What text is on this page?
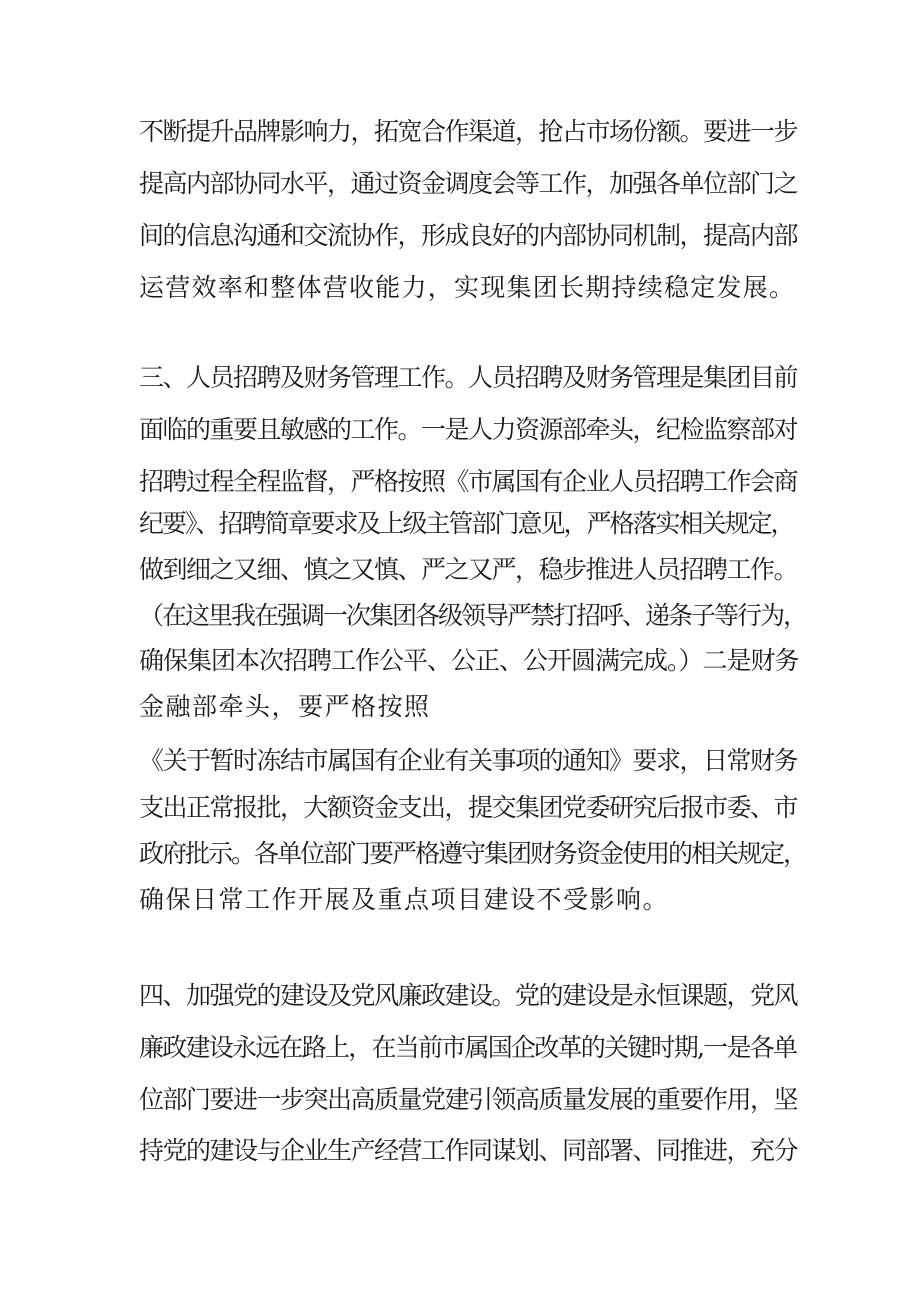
不断提升品牌影响力，拓宽合作渠道，抢占市场份额。要进一步
提高内部协同水平，通过资金调度会等工作，加强各单位部门之
间的信息沟通和交流协作，形成良好的内部协同机制，提高内部
运营效率和整体营收能力，实现集团长期持续稳定发展。
三、人员招聘及财务管理工作。人员招聘及财务管理是集团目前
面临的重要且敏感的工作。一是人力资源部牵头，纪检监察部对
招聘过程全程监督，严格按照《市属国有企业人员招聘工作会商
纪要》、招聘简章要求及上级主管部门意见，严格落实相关规定，
做到细之又细、慎之又慎、严之又严，稳步推进人员招聘工作。
（在这里我在强调一次集团各级领导严禁打招呼、递条子等行为，
确保集团本次招聘工作公平、公正、公开圆满完成。）二是财务
金融部牵头，要严格按照
《关于暂时冻结市属国有企业有关事项的通知》要求，日常财务
支出正常报批，大额资金支出，提交集团党委研究后报市委、市
政府批示。各单位部门要严格遵守集团财务资金使用的相关规定，
确保日常工作开展及重点项目建设不受影响。
四、加强党的建设及党风廉政建设。党的建设是永恒课题，党风
廉政建设永远在路上，在当前市属国企改革的关键时期,一是各单
位部门要进一步突出高质量党建引领高质量发展的重要作用，坚
持党的建设与企业生产经营工作同谋划、同部署、同推进，充分
